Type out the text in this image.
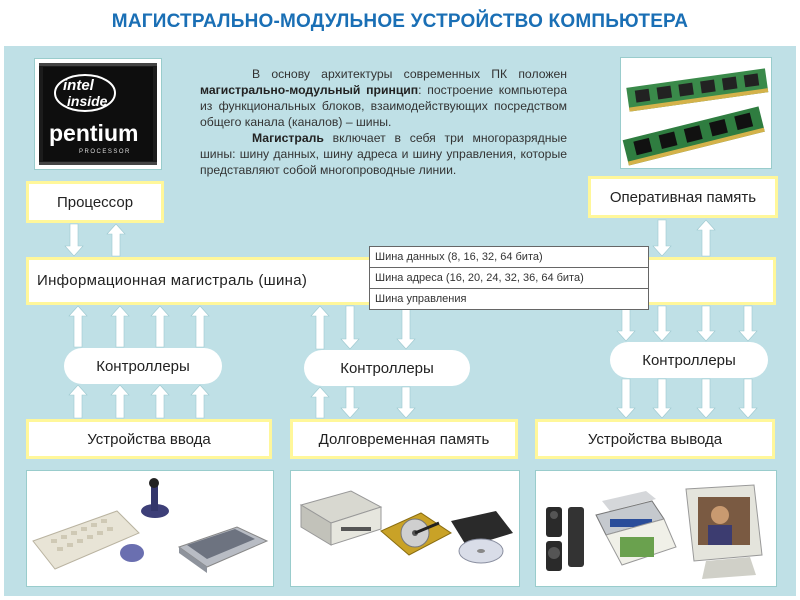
МАГИСТРАЛЬНО-МОДУЛЬНОЕ УСТРОЙСТВО КОМПЬЮТЕРА
intel
inside
pentium
PROCESSOR

В основу архитектуры современных ПК положен магистрально-модульный принцип: построение компьютера из функциональных блоков, взаимодействующих посредством общего канала (каналов) – шины.

Магистраль включает в себя три многоразрядные шины: шину данных, шину адреса и шину управления, которые представляют собой многопроводные линии.

Процессор	Оперативная память
Информационная магистраль (шина)
Шина данных (8, 16, 32, 64 бита)
Шина адреса (16, 20, 24, 32, 36, 64 бита)
Шина управления
Контроллеры	Контроллеры	Контроллеры
Устройства ввода	Долговременная память	Устройства вывода
